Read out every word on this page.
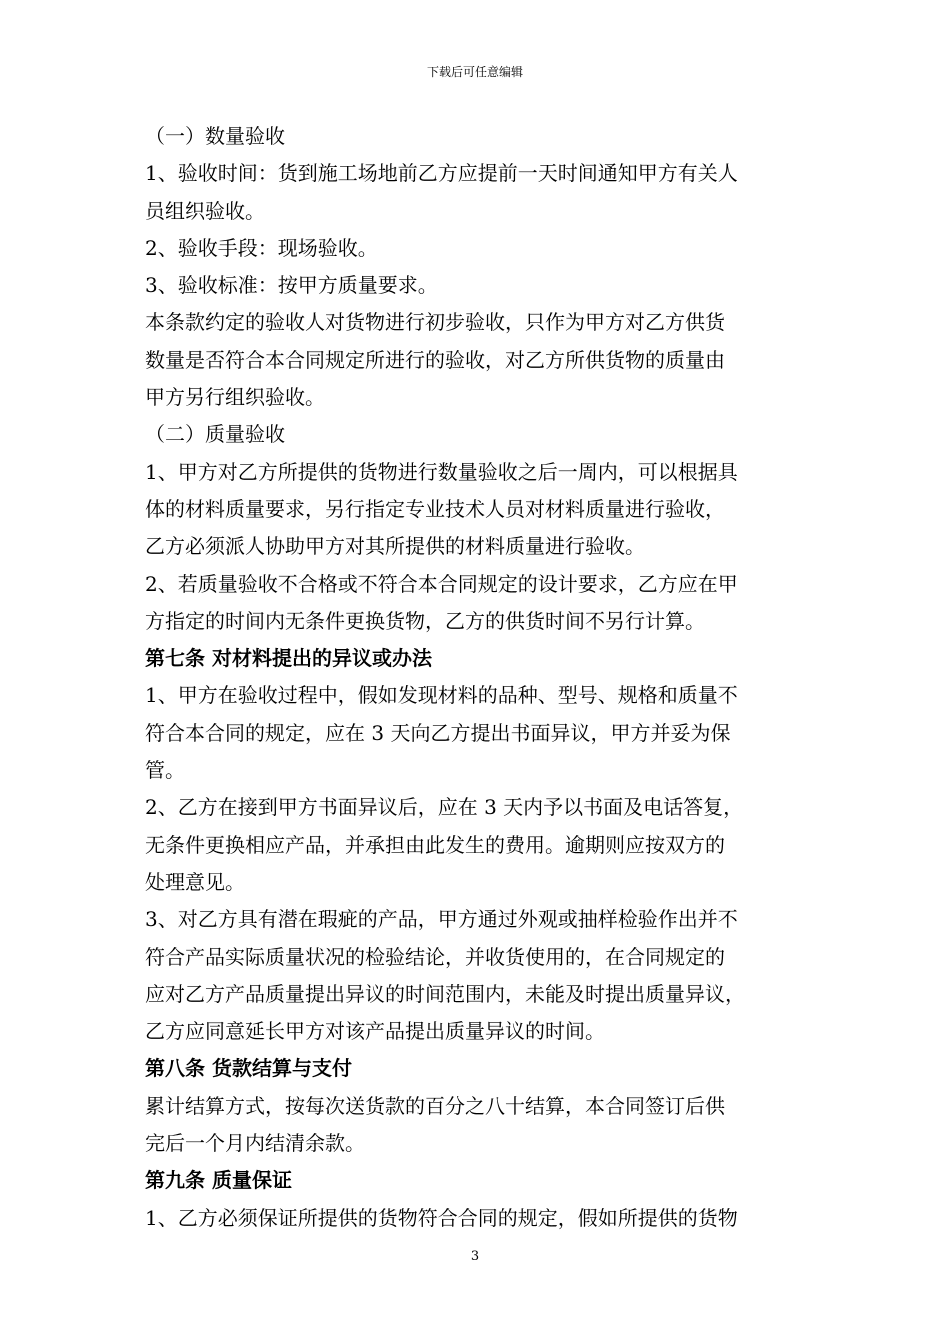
下载后可任意编辑
（一）数量验收
1、验收时间：货到施工场地前乙方应提前一天时间通知甲方有关人
员组织验收。
2、验收手段：现场验收。
3、验收标准：按甲方质量要求。
本条款约定的验收人对货物进行初步验收，只作为甲方对乙方供货
数量是否符合本合同规定所进行的验收，对乙方所供货物的质量由
甲方另行组织验收。
（二）质量验收
1、甲方对乙方所提供的货物进行数量验收之后一周内，可以根据具
体的材料质量要求，另行指定专业技术人员对材料质量进行验收，
乙方必须派人协助甲方对其所提供的材料质量进行验收。
2、若质量验收不合格或不符合本合同规定的设计要求，乙方应在甲
方指定的时间内无条件更换货物，乙方的供货时间不另行计算。
第七条 对材料提出的异议或办法
1、甲方在验收过程中，假如发现材料的品种、型号、规格和质量不
符合本合同的规定，应在 3 天向乙方提出书面异议，甲方并妥为保
管。
2、乙方在接到甲方书面异议后，应在 3 天内予以书面及电话答复，
无条件更换相应产品，并承担由此发生的费用。逾期则应按双方的
处理意见。
3、对乙方具有潜在瑕疵的产品，甲方通过外观或抽样检验作出并不
符合产品实际质量状况的检验结论，并收货使用的，在合同规定的
应对乙方产品质量提出异议的时间范围内，未能及时提出质量异议，
乙方应同意延长甲方对该产品提出质量异议的时间。
第八条 货款结算与支付
累计结算方式，按每次送货款的百分之八十结算，本合同签订后供
完后一个月内结清余款。
第九条 质量保证
1、乙方必须保证所提供的货物符合合同的规定，假如所提供的货物
3
